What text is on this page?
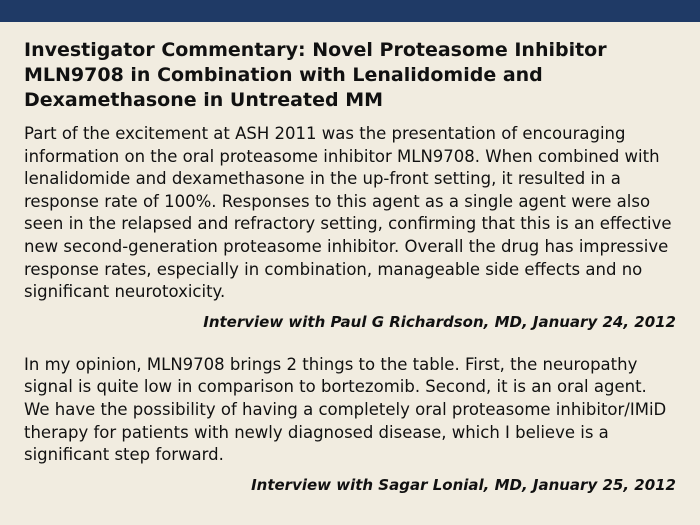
Investigator Commentary: Novel Proteasome Inhibitor MLN9708 in Combination with Lenalidomide and Dexamethasone in Untreated MM

Part of the excitement at ASH 2011 was the presentation of encouraging information on the oral proteasome inhibitor MLN9708. When combined with lenalidomide and dexamethasone in the up-front setting, it resulted in a response rate of 100%. Responses to this agent as a single agent were also seen in the relapsed and refractory setting, confirming that this is an effective new second-generation proteasome inhibitor. Overall the drug has impressive response rates, especially in combination, manageable side effects and no significant neurotoxicity.

Interview with Paul G Richardson, MD, January 24, 2012

In my opinion, MLN9708 brings 2 things to the table. First, the neuropathy signal is quite low in comparison to bortezomib. Second, it is an oral agent. We have the possibility of having a completely oral proteasome inhibitor/IMiD therapy for patients with newly diagnosed disease, which I believe is a significant step forward.

Interview with Sagar Lonial, MD, January 25, 2012
